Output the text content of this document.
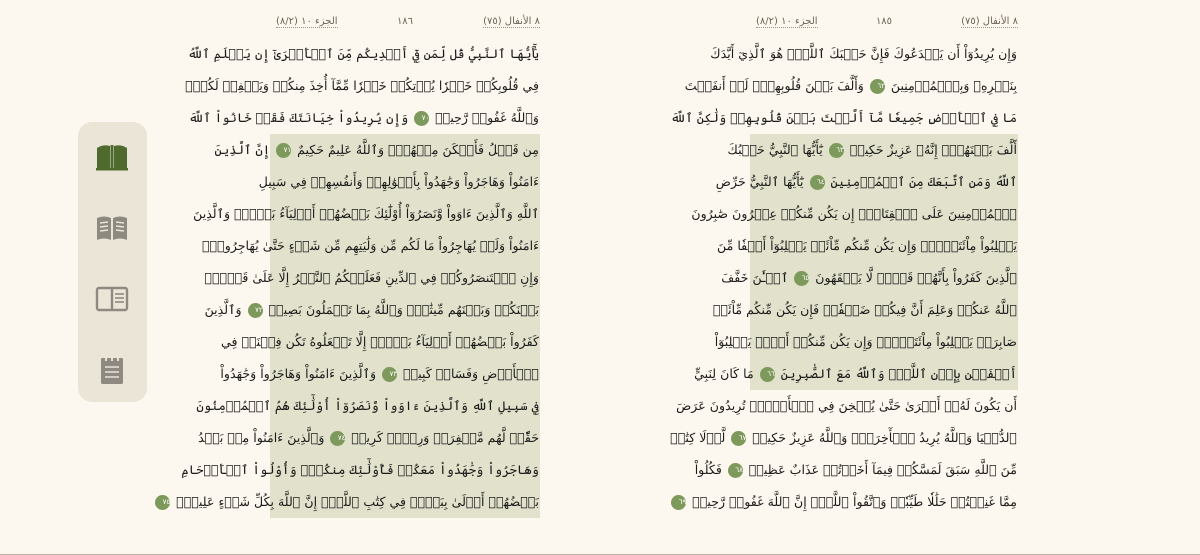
الجزء ١٠ (٨/٢)	١٨٦	٨ الأنفال (٧٥)
يَٰٓأَيُّهَا ٱلنَّبِيُّ قُل لِّمَن فِيٓ أَيۡدِيكُم مِّنَ ٱلۡأَسۡرَىٰٓ إِن يَعۡلَمِ ٱللَّهُ
فِي قُلُوبِكُمۡ خَيۡرٗا يُؤۡتِكُمۡ خَيۡرٗا مِّمَّآ أُخِذَ مِنكُمۡ وَيَغۡفِرۡ لَكُمۡۚ
وَٱللَّهُ غَفُورٞ رَّحِيمٞ ٧٠ وَإِن يُرِيدُواْ خِيَانَتَكَ فَقَدۡ خَانُواْ ٱللَّهَ
مِن قَبۡلُ فَأَمۡكَنَ مِنۡهُمۡۗ وَٱللَّهُ عَلِيمٌ حَكِيمٌ ٧١ إِنَّ ٱلَّذِينَ
ءَامَنُواْ وَهَاجَرُواْ وَجَٰهَدُواْ بِأَمۡوَٰلِهِمۡ وَأَنفُسِهِمۡ فِي سَبِيلِ
ٱللَّهِ وَٱلَّذِينَ ءَاوَواْ وَّنَصَرُوٓاْ أُوْلَٰٓئِكَ بَعۡضُهُمۡ أَوۡلِيَآءُ بَعۡضٖۚ وَٱلَّذِينَ
ءَامَنُواْ وَلَمۡ يُهَاجِرُواْ مَا لَكُم مِّن وَلَٰيَتِهِم مِّن شَيۡءٍ حَتَّىٰ يُهَاجِرُواْۚ
وَإِنِ ٱسۡتَنصَرُوكُمۡ فِي ٱلدِّينِ فَعَلَيۡكُمُ ٱلنَّصۡرُ إِلَّا عَلَىٰ قَوۡمِۭ
بَيۡنَكُمۡ وَبَيۡنَهُم مِّيثَٰقٞۗ وَٱللَّهُ بِمَا تَعۡمَلُونَ بَصِيرٞ ٧٢ وَٱلَّذِينَ
كَفَرُواْ بَعۡضُهُمۡ أَوۡلِيَآءُ بَعۡضٍۚ إِلَّا تَفۡعَلُوهُ تَكُن فِتۡنَةٞ فِي
ٱلۡأَرۡضِ وَفَسَادٞ كَبِيرٞ ٧٣ وَٱلَّذِينَ ءَامَنُواْ وَهَاجَرُواْ وَجَٰهَدُواْ
فِي سَبِيلِ ٱللَّهِ وَٱلَّذِينَ ءَاوَواْ وَّنَصَرُوٓاْ أُوْلَٰٓئِكَ هُمُ ٱلۡمُؤۡمِنُونَ
حَقّٗاۚ لَّهُم مَّغۡفِرَةٞ وَرِزۡقٞ كَرِيمٞ ٧٤ وَٱلَّذِينَ ءَامَنُواْ مِنۢ بَعۡدُ
وَهَاجَرُواْ وَجَٰهَدُواْ مَعَكُمۡ فَأُوْلَٰٓئِكَ مِنكُمۡۚ وَأُوْلُواْ ٱلۡأَرۡحَامِ
بَعۡضُهُمۡ أَوۡلَىٰ بِبَعۡضٖ فِي كِتَٰبِ ٱللَّهِۚ إِنَّ ٱللَّهَ بِكُلِّ شَيۡءٍ عَلِيمُۢ ٧٥
الجزء ١٠ (٨/٢)	١٨٥	٨ الأنفال (٧٥)
وَإِن يُرِيدُوٓاْ أَن يَخۡدَعُوكَ فَإِنَّ حَسۡبَكَ ٱللَّهُۚ هُوَ ٱلَّذِيٓ أَيَّدَكَ
بِنَصۡرِهِۦ وَبِٱلۡمُؤۡمِنِينَ ٦٢ وَأَلَّفَ بَيۡنَ قُلُوبِهِمۡۚ لَوۡ أَنفَقۡتَ
مَا فِي ٱلۡأَرۡضِ جَمِيعٗا مَّآ أَلَّفۡتَ بَيۡنَ قُلُوبِهِمۡ وَلَٰكِنَّ ٱللَّهَ
أَلَّفَ بَيۡنَهُمۡۚ إِنَّهُۥ عَزِيزٌ حَكِيمٞ ٦٣ يَٰٓأَيُّهَا ٱلنَّبِيُّ حَسۡبُكَ
ٱللَّهُ وَمَنِ ٱتَّبَعَكَ مِنَ ٱلۡمُؤۡمِنِينَ ٦٤ يَٰٓأَيُّهَا ٱلنَّبِيُّ حَرِّضِ
ٱلۡمُؤۡمِنِينَ عَلَى ٱلۡقِتَالِۚ إِن يَكُن مِّنكُمۡ عِشۡرُونَ صَٰبِرُونَ
يَغۡلِبُواْ مِاْئَتَيۡنِۚ وَإِن يَكُن مِّنكُم مِّاْئَةٞ يَغۡلِبُوٓاْ أَلۡفٗا مِّنَ
ٱلَّذِينَ كَفَرُواْ بِأَنَّهُمۡ قَوۡمٞ لَّا يَفۡقَهُونَ ٦٥ ٱلۡـَٰٔنَ خَفَّفَ
ٱللَّهُ عَنكُمۡ وَعَلِمَ أَنَّ فِيكُمۡ ضَعۡفٗاۚ فَإِن يَكُن مِّنكُم مِّاْئَةٞ
صَابِرَةٞ يَغۡلِبُواْ مِاْئَتَيۡنِۚ وَإِن يَكُن مِّنكُمۡ أَلۡفٞ يَغۡلِبُوٓاْ
أَلۡفَيۡنِ بِإِذۡنِ ٱللَّهِۗ وَٱللَّهُ مَعَ ٱلصَّٰبِرِينَ ٦٦ مَا كَانَ لِنَبِيٍّ
أَن يَكُونَ لَهُۥٓ أَسۡرَىٰ حَتَّىٰ يُثۡخِنَ فِي ٱلۡأَرۡضِۚ تُرِيدُونَ عَرَضَ
ٱلدُّنۡيَا وَٱللَّهُ يُرِيدُ ٱلۡأٓخِرَةَۗ وَٱللَّهُ عَزِيزٌ حَكِيمٞ ٦٧ لَّوۡلَا كِتَٰبٞ
مِّنَ ٱللَّهِ سَبَقَ لَمَسَّكُمۡ فِيمَآ أَخَذۡتُمۡ عَذَابٌ عَظِيمٞ ٦٨ فَكُلُواْ
مِمَّا غَنِمۡتُمۡ حَلَٰلٗا طَيِّبٗاۚ وَٱتَّقُواْ ٱللَّهَۚ إِنَّ ٱللَّهَ غَفُورٞ رَّحِيمٞ ٦٩
